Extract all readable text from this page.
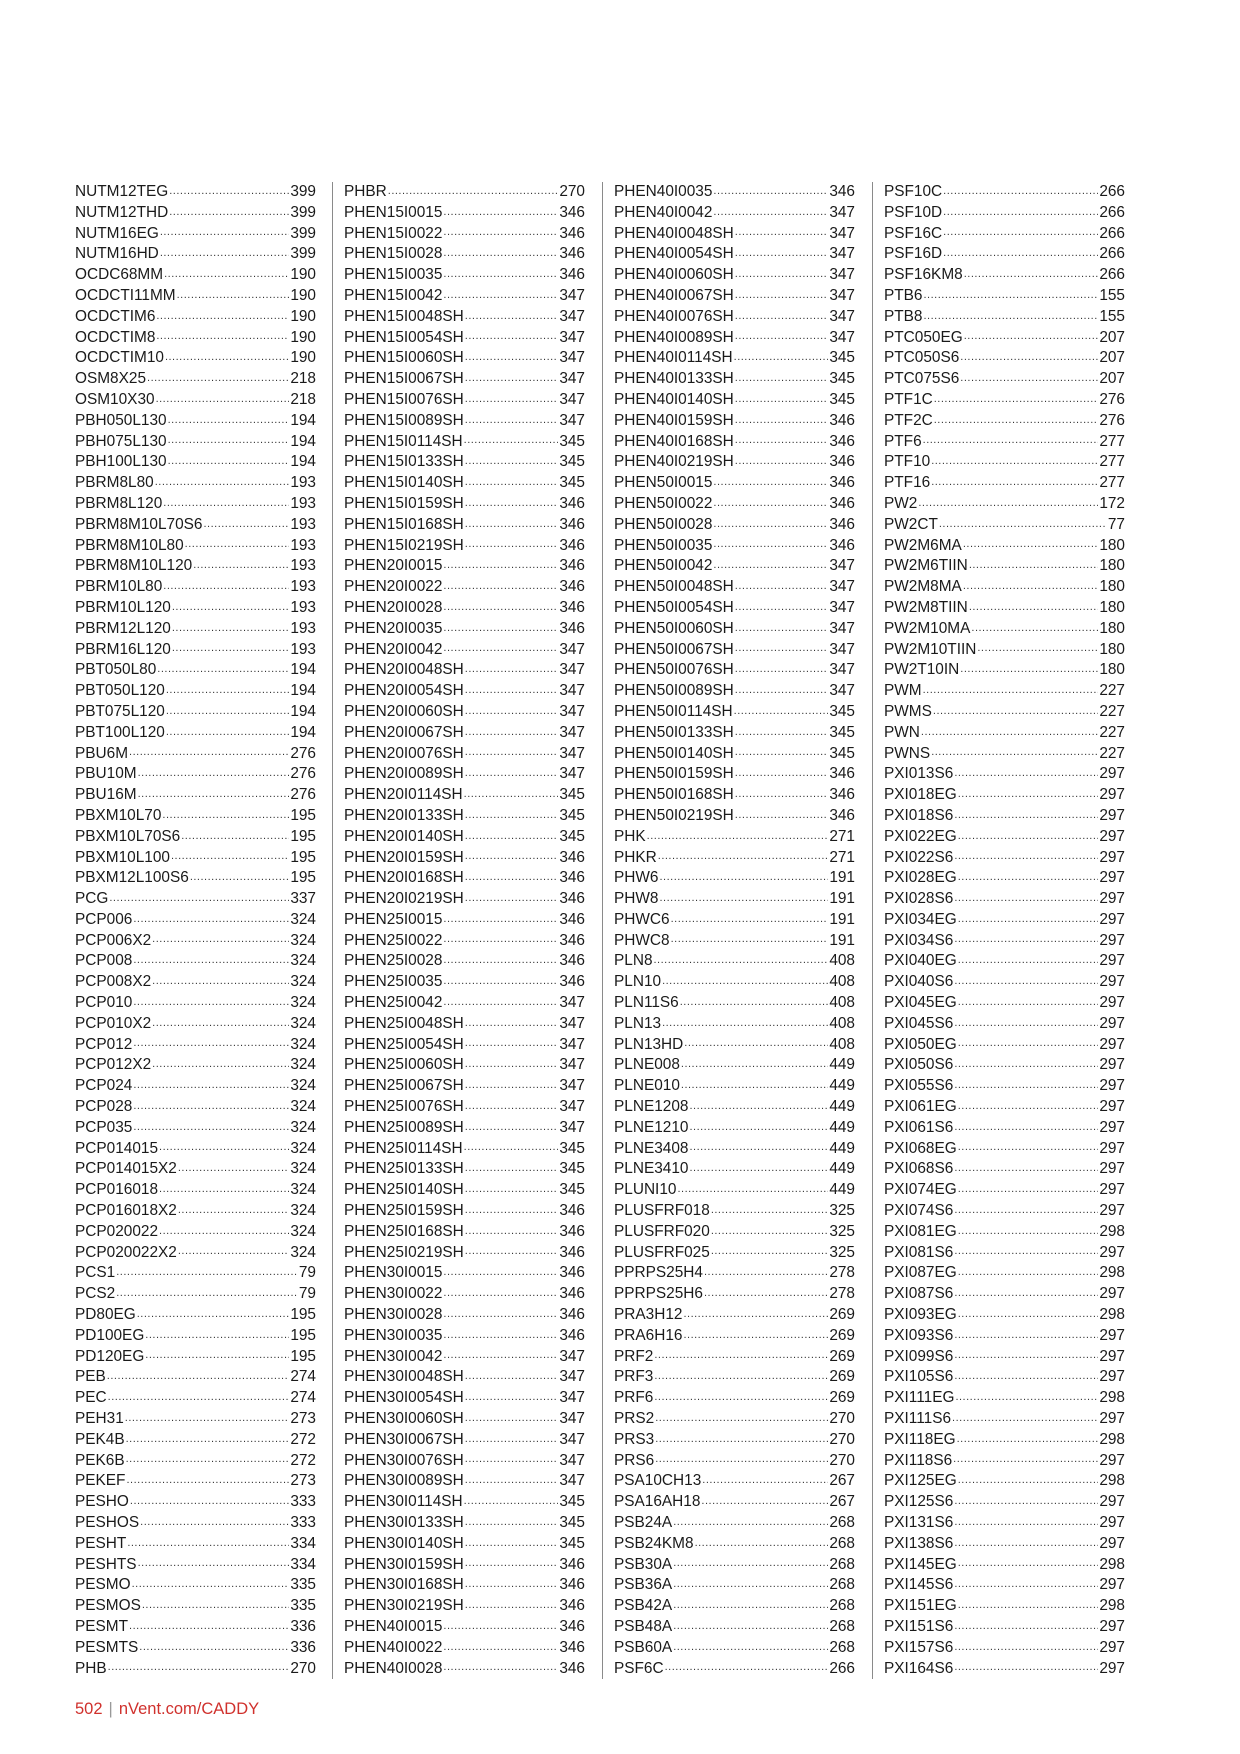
NUTM12TEG .....	399
NUTM12THD .....	399
NUTM16EG .....	399
NUTM16HD .....	399
OCDC68MM .....	190
OCDCTI11MM .....	190
OCDCTIM6 .....	190
OCDCTIM8 .....	190
OCDCTIM10 .....	190
OSM8X25 .....	218
OSM10X30 .....	218
PBH050L130 .....	194
PBH075L130 .....	194
PBH100L130 .....	194
PBRM8L80 .....	193
PBRM8L120 .....	193
PBRM8M10L70S6 .....	193
PBRM8M10L80 .....	193
PBRM8M10L120 .....	193
PBRM10L80 .....	193
PBRM10L120 .....	193
PBRM12L120 .....	193
PBRM16L120 .....	193
PBT050L80 .....	194
PBT050L120 .....	194
PBT075L120 .....	194
PBT100L120 .....	194
PBU6M .....	276
PBU10M .....	276
PBU16M .....	276
PBXM10L70 .....	195
PBXM10L70S6 .....	195
PBXM10L100 .....	195
PBXM12L100S6 .....	195
PCG .....	337
PCP006 .....	324
PCP006X2 .....	324
PCP008 .....	324
PCP008X2 .....	324
PCP010 .....	324
PCP010X2 .....	324
PCP012 .....	324
PCP012X2 .....	324
PCP024 .....	324
PCP028 .....	324
PCP035 .....	324
PCP014015 .....	324
PCP014015X2 .....	324
PCP016018 .....	324
PCP016018X2 .....	324
PCP020022 .....	324
PCP020022X2 .....	324
PCS1 .....	79
PCS2 .....	79
PD80EG .....	195
PD100EG .....	195
PD120EG .....	195
PEB .....	274
PEC .....	274
PEH31 .....	273
PEK4B .....	272
PEK6B .....	272
PEKEF .....	273
PESHO .....	333
PESHOS .....	333
PESHT .....	334
PESHTS .....	334
PESMO .....	335
PESMOS .....	335
PESMT .....	336
PESMTS .....	336
PHB .....	270
PHBR .....	270
PHEN15I0015 .....	346
PHEN15I0022 .....	346
PHEN15I0028 .....	346
PHEN15I0035 .....	346
PHEN15I0042 .....	347
PHEN15I0048SH .....	347
PHEN15I0054SH .....	347
PHEN15I0060SH .....	347
PHEN15I0067SH .....	347
PHEN15I0076SH .....	347
PHEN15I0089SH .....	347
PHEN15I0114SH .....	345
PHEN15I0133SH .....	345
PHEN15I0140SH .....	345
PHEN15I0159SH .....	346
PHEN15I0168SH .....	346
PHEN15I0219SH .....	346
PHEN20I0015 .....	346
PHEN20I0022 .....	346
PHEN20I0028 .....	346
PHEN20I0035 .....	346
PHEN20I0042 .....	347
PHEN20I0048SH .....	347
PHEN20I0054SH .....	347
PHEN20I0060SH .....	347
PHEN20I0067SH .....	347
PHEN20I0076SH .....	347
PHEN20I0089SH .....	347
PHEN20I0114SH .....	345
PHEN20I0133SH .....	345
PHEN20I0140SH .....	345
PHEN20I0159SH .....	346
PHEN20I0168SH .....	346
PHEN20I0219SH .....	346
PHEN25I0015 .....	346
PHEN25I0022 .....	346
PHEN25I0028 .....	346
PHEN25I0035 .....	346
PHEN25I0042 .....	347
PHEN25I0048SH .....	347
PHEN25I0054SH .....	347
PHEN25I0060SH .....	347
PHEN25I0067SH .....	347
PHEN25I0076SH .....	347
PHEN25I0089SH .....	347
PHEN25I0114SH .....	345
PHEN25I0133SH .....	345
PHEN25I0140SH .....	345
PHEN25I0159SH .....	346
PHEN25I0168SH .....	346
PHEN25I0219SH .....	346
PHEN30I0015 .....	346
PHEN30I0022 .....	346
PHEN30I0028 .....	346
PHEN30I0035 .....	346
PHEN30I0042 .....	347
PHEN30I0048SH .....	347
PHEN30I0054SH .....	347
PHEN30I0060SH .....	347
PHEN30I0067SH .....	347
PHEN30I0076SH .....	347
PHEN30I0089SH .....	347
PHEN30I0114SH .....	345
PHEN30I0133SH .....	345
PHEN30I0140SH .....	345
PHEN30I0159SH .....	346
PHEN30I0168SH .....	346
PHEN30I0219SH .....	346
PHEN40I0015 .....	346
PHEN40I0022 .....	346
PHEN40I0028 .....	346
PHEN40I0035 .....	346
PHEN40I0042 .....	347
PHEN40I0048SH .....	347
PHEN40I0054SH .....	347
PHEN40I0060SH .....	347
PHEN40I0067SH .....	347
PHEN40I0076SH .....	347
PHEN40I0089SH .....	347
PHEN40I0114SH .....	345
PHEN40I0133SH .....	345
PHEN40I0140SH .....	345
PHEN40I0159SH .....	346
PHEN40I0168SH .....	346
PHEN40I0219SH .....	346
PHEN50I0015 .....	346
PHEN50I0022 .....	346
PHEN50I0028 .....	346
PHEN50I0035 .....	346
PHEN50I0042 .....	347
PHEN50I0048SH .....	347
PHEN50I0054SH .....	347
PHEN50I0060SH .....	347
PHEN50I0067SH .....	347
PHEN50I0076SH .....	347
PHEN50I0089SH .....	347
PHEN50I0114SH .....	345
PHEN50I0133SH .....	345
PHEN50I0140SH .....	345
PHEN50I0159SH .....	346
PHEN50I0168SH .....	346
PHEN50I0219SH .....	346
PHK .....	271
PHKR .....	271
PHW6 .....	191
PHW8 .....	191
PHWC6 .....	191
PHWC8 .....	191
PLN8 .....	408
PLN10 .....	408
PLN11S6 .....	408
PLN13 .....	408
PLN13HD .....	408
PLNE008 .....	449
PLNE010 .....	449
PLNE1208 .....	449
PLNE1210 .....	449
PLNE3408 .....	449
PLNE3410 .....	449
PLUNI10 .....	449
PLUSFRF018 .....	325
PLUSFRF020 .....	325
PLUSFRF025 .....	325
PPRPS25H4 .....	278
PPRPS25H6 .....	278
PRA3H12 .....	269
PRA6H16 .....	269
PRF2 .....	269
PRF3 .....	269
PRF6 .....	269
PRS2 .....	270
PRS3 .....	270
PRS6 .....	270
PSA10CH13 .....	267
PSA16AH18 .....	267
PSB24A .....	268
PSB24KM8 .....	268
PSB30A .....	268
PSB36A .....	268
PSB42A .....	268
PSB48A .....	268
PSB60A .....	268
PSF6C .....	266
PSF10C .....	266
PSF10D .....	266
PSF16C .....	266
PSF16D .....	266
PSF16KM8 .....	266
PTB6 .....	155
PTB8 .....	155
PTC050EG .....	207
PTC050S6 .....	207
PTC075S6 .....	207
PTF1C .....	276
PTF2C .....	276
PTF6 .....	277
PTF10 .....	277
PTF16 .....	277
PW2 .....	172
PW2CT .....	77
PW2M6MA .....	180
PW2M6TIIN .....	180
PW2M8MA .....	180
PW2M8TIIN .....	180
PW2M10MA .....	180
PW2M10TIIN .....	180
PW2T10IN .....	180
PWM .....	227
PWMS .....	227
PWN .....	227
PWNS .....	227
PXI013S6 .....	297
PXI018EG .....	297
PXI018S6 .....	297
PXI022EG .....	297
PXI022S6 .....	297
PXI028EG .....	297
PXI028S6 .....	297
PXI034EG .....	297
PXI034S6 .....	297
PXI040EG .....	297
PXI040S6 .....	297
PXI045EG .....	297
PXI045S6 .....	297
PXI050EG .....	297
PXI050S6 .....	297
PXI055S6 .....	297
PXI061EG .....	297
PXI061S6 .....	297
PXI068EG .....	297
PXI068S6 .....	297
PXI074EG .....	297
PXI074S6 .....	297
PXI081EG .....	298
PXI081S6 .....	297
PXI087EG .....	298
PXI087S6 .....	297
PXI093EG .....	298
PXI093S6 .....	297
PXI099S6 .....	297
PXI105S6 .....	297
PXI111EG .....	298
PXI111S6 .....	297
PXI118EG .....	298
PXI118S6 .....	297
PXI125EG .....	298
PXI125S6 .....	297
PXI131S6 .....	297
PXI138S6 .....	297
PXI145EG .....	298
PXI145S6 .....	297
PXI151EG .....	298
PXI151S6 .....	297
PXI157S6 .....	297
PXI164S6 .....	297
502 | nVent.com/CADDY
